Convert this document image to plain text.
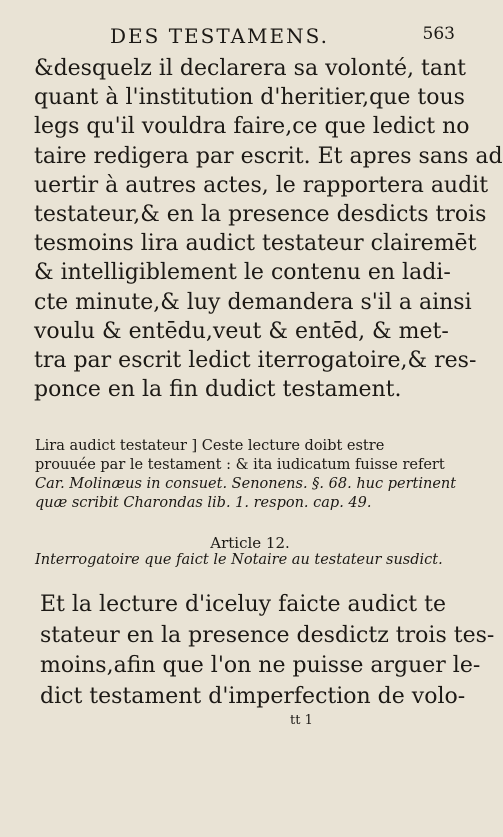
DES TESTAMENS.	563
&desquelz il declarera sa volonté, tant
quant à l'institution d'heritier,que tous
legs qu'il vouldra faire,ce que ledict no
taire redigera par escrit. Et apres sans ad
uertir à autres actes, le rapportera audit
testateur,& en la presence desdicts trois
tesmoins lira audict testateur clairemēt
& intelligiblement le contenu en ladi-
cte minute,& luy demandera s'il a ainsi
voulu & entēdu,veut & entēd, & met-
tra par escrit ledict iterrogatoire,& res-
ponce en la fin dudict testament.
Lira audict testateur ] Ceste lecture doibt estre
prouuée par le testament : & ita iudicatum fuisse refert
Car. Molinæus in consuet. Senonens. §. 68. huc pertinent
quæ scribit Charondas lib. 1. respon. cap. 49.
Article 12.
Interrogatoire que faict le Notaire au testateur susdict.
Et la lecture d'iceluy faicte audict te
stateur en la presence desdictz trois tes-
moins,afin que l'on ne puisse arguer le-
dict testament d'imperfection de volo-
tt 1
